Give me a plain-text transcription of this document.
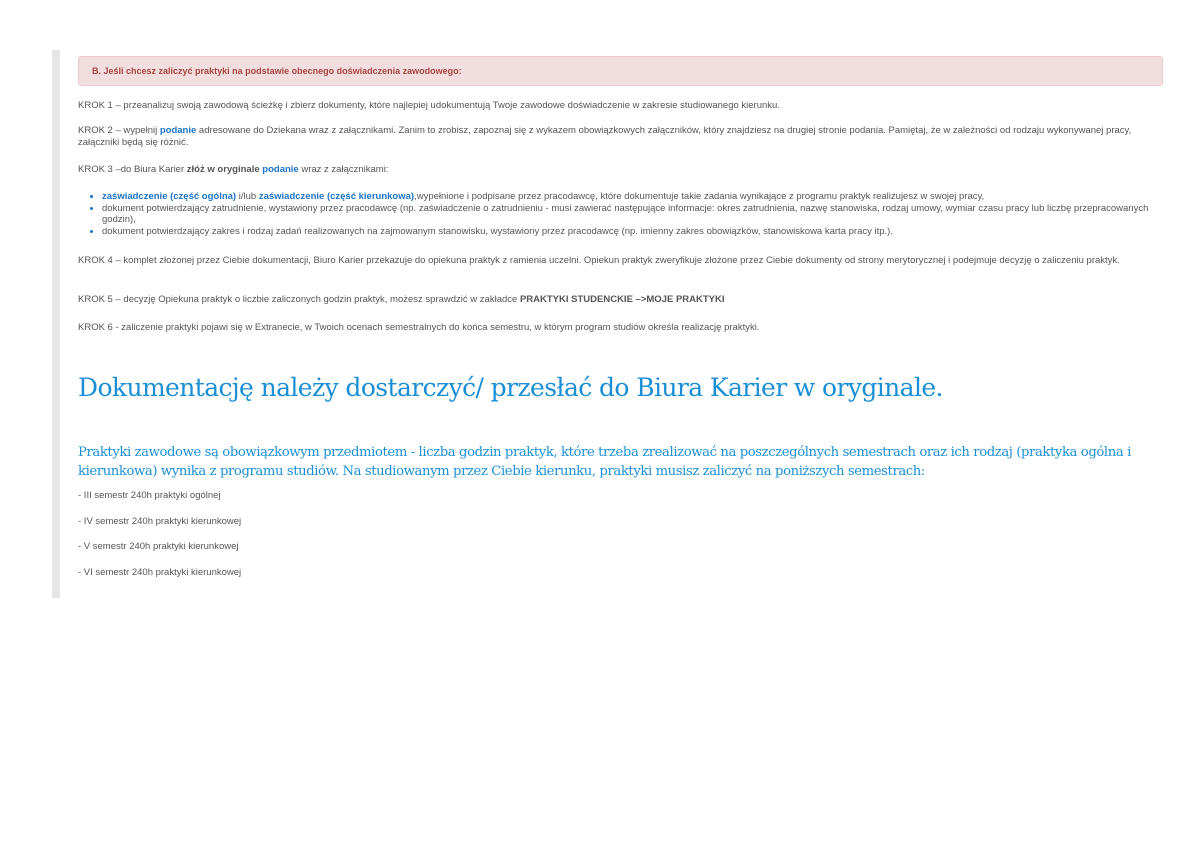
B. Jeśli chcesz zaliczyć praktyki na podstawie obecnego doświadczenia zawodowego:

KROK 1 – przeanalizuj swoją zawodową ścieżkę i zbierz dokumenty, które najlepiej udokumentują Twoje zawodowe doświadczenie w zakresie studiowanego kierunku.

KROK 2 – wypełnij podanie adresowane do Dziekana wraz z załącznikami. Zanim to zrobisz, zapoznaj się z wykazem obowiązkowych załączników, który znajdziesz na drugiej stronie podania. Pamiętaj, że w zależności od rodzaju wykonywanej pracy, załączniki będą się różnić.

KROK 3 –do Biura Karier złóż w oryginale podanie wraz z załącznikami:

• zaświadczenie (część ogólna) i/lub zaświadczenie (część kierunkowa),wypełnione i podpisane przez pracodawcę, które dokumentuje takie zadania wynikające z programu praktyk realizujesz w swojej pracy,
• dokument potwierdzający zatrudnienie, wystawiony przez pracodawcę (np. zaświadczenie o zatrudnieniu - musi zawierać następujące informacje: okres zatrudnienia, nazwę stanowiska, rodzaj umowy, wymiar czasu pracy lub liczbę przepracowanych godzin),
• dokument potwierdzający zakres i rodzaj zadań realizowanych na zajmowanym stanowisku, wystawiony przez pracodawcę (np. imienny zakres obowiązków, stanowiskowa karta pracy itp.).

KROK 4 – komplet złożonej przez Ciebie dokumentacji, Biuro Karier przekazuje do opiekuna praktyk z ramienia uczelni. Opiekun praktyk zweryfikuje złożone przez Ciebie dokumenty od strony merytorycznej i podejmuje decyzję o zaliczeniu praktyk.

KROK 5 – decyzję Opiekuna praktyk o liczbie zaliczonych godzin praktyk, możesz sprawdzić w zakładce PRAKTYKI STUDENCKIE –>MOJE PRAKTYKI

KROK 6 - zaliczenie praktyki pojawi się w Extranecie, w Twoich ocenach semestralnych do końca semestru, w którym program studiów określa realizację praktyki.

Dokumentację należy dostarczyć/ przesłać do Biura Karier w oryginale.

Praktyki zawodowe są obowiązkowym przedmiotem - liczba godzin praktyk, które trzeba zrealizować na poszczególnych semestrach oraz ich rodzaj (praktyka ogólna i kierunkowa) wynika z programu studiów. Na studiowanym przez Ciebie kierunku, praktyki musisz zaliczyć na poniższych semestrach:

- III semestr 240h praktyki ogólnej

- IV semestr 240h praktyki kierunkowej

- V semestr 240h praktyki kierunkowej

- VI semestr 240h praktyki kierunkowej
